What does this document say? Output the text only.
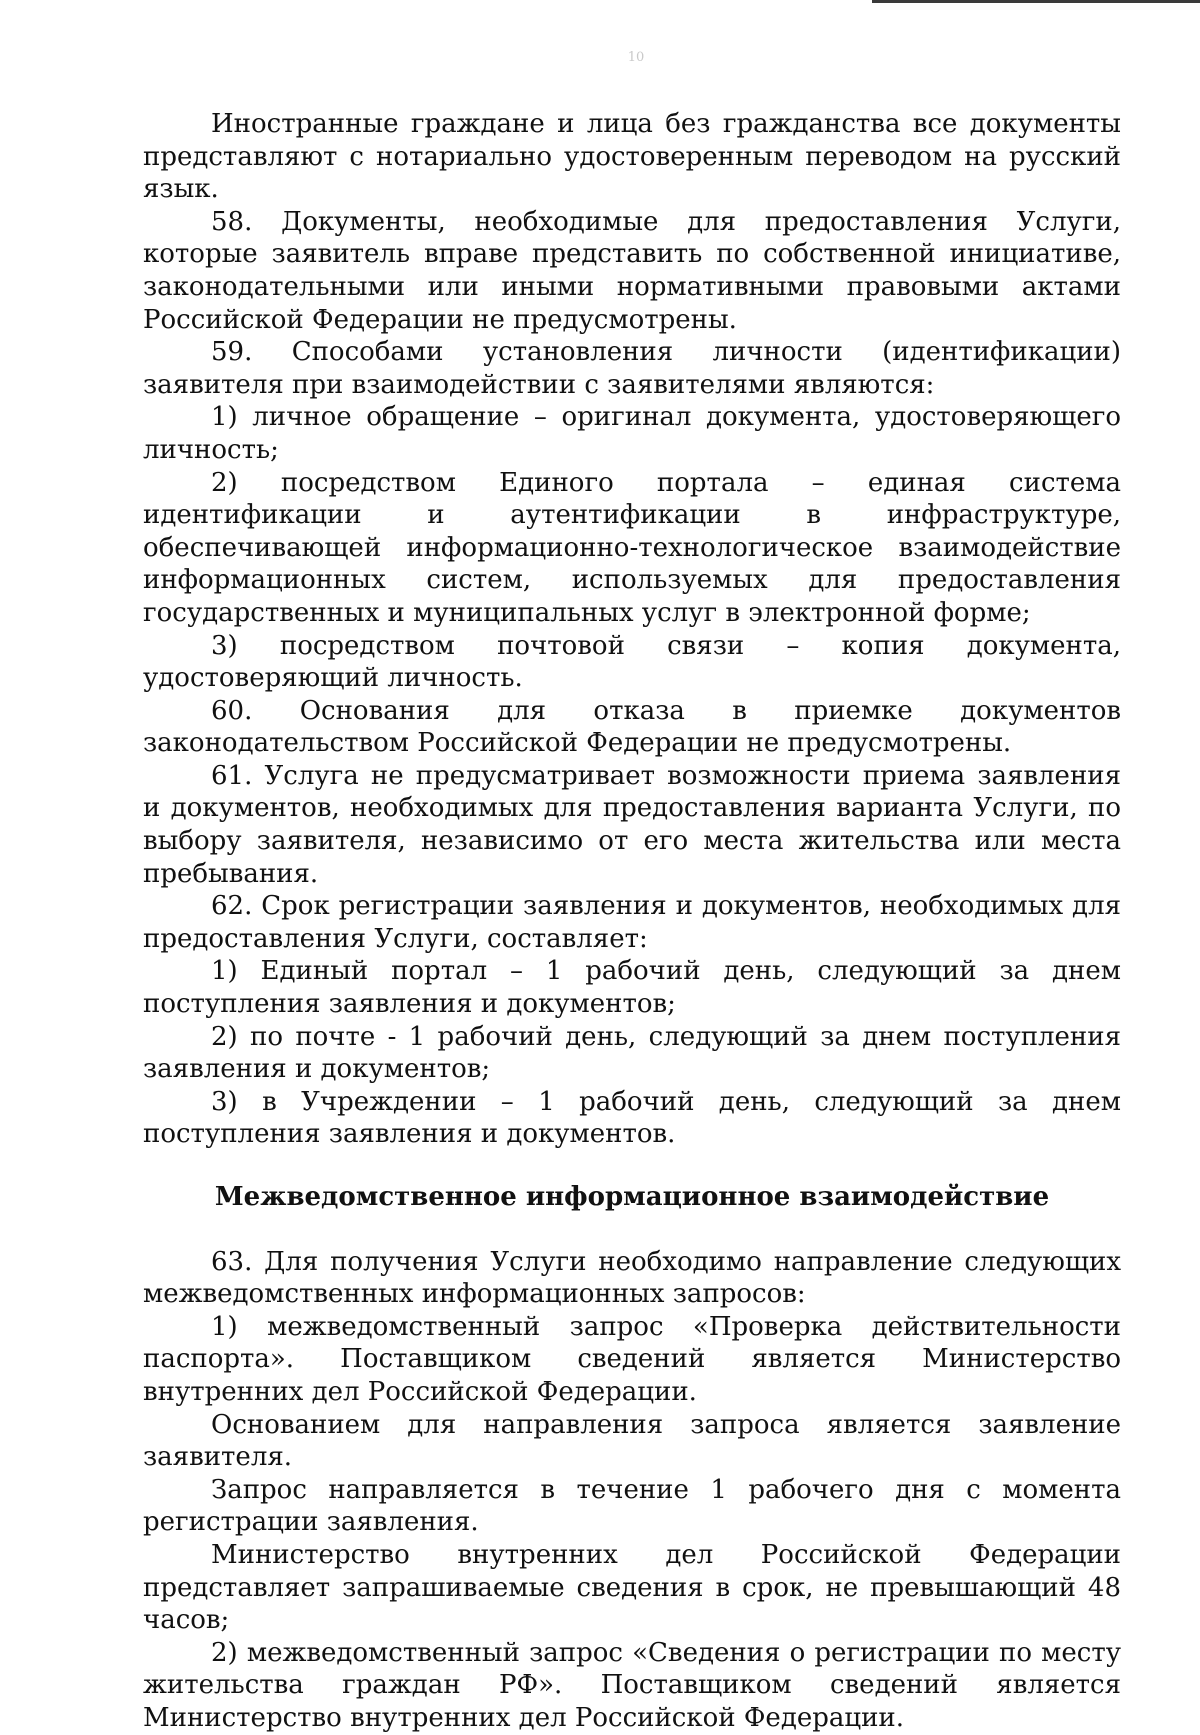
10

Иностранные граждане и лица без гражданства все документы представляют с нотариально удостоверенным переводом на русский язык.

58. Документы, необходимые для предоставления Услуги, которые заявитель вправе представить по собственной инициативе, законодательными или иными нормативными правовыми актами Российской Федерации не предусмотрены.

59. Способами установления личности (идентификации) заявителя при взаимодействии с заявителями являются:

1) личное обращение – оригинал документа, удостоверяющего личность;

2) посредством Единого портала – единая система идентификации и аутентификации в инфраструктуре, обеспечивающей информационно-технологическое взаимодействие информационных систем, используемых для предоставления государственных и муниципальных услуг в электронной форме;

3) посредством почтовой связи – копия документа, удостоверяющий личность.

60. Основания для отказа в приемке документов законодательством Российской Федерации не предусмотрены.

61. Услуга не предусматривает возможности приема заявления и документов, необходимых для предоставления варианта Услуги, по выбору заявителя, независимо от его места жительства или места пребывания.

62. Срок регистрации заявления и документов, необходимых для предоставления Услуги, составляет:

1) Единый портал – 1 рабочий день, следующий за днем поступления заявления и документов;

2) по почте - 1 рабочий день, следующий за днем поступления заявления и документов;

3) в Учреждении – 1 рабочий день, следующий за днем поступления заявления и документов.

Межведомственное информационное взаимодействие

63. Для получения Услуги необходимо направление следующих межведомственных информационных запросов:

1) межведомственный запрос «Проверка действительности паспорта». Поставщиком сведений является Министерство внутренних дел Российской Федерации.

Основанием для направления запроса является заявление заявителя.

Запрос направляется в течение 1 рабочего дня с момента регистрации заявления.

Министерство внутренних дел Российской Федерации представляет запрашиваемые сведения в срок, не превышающий 48 часов;

2) межведомственный запрос «Сведения о регистрации по месту жительства граждан РФ». Поставщиком сведений является Министерство внутренних дел Российской Федерации.
